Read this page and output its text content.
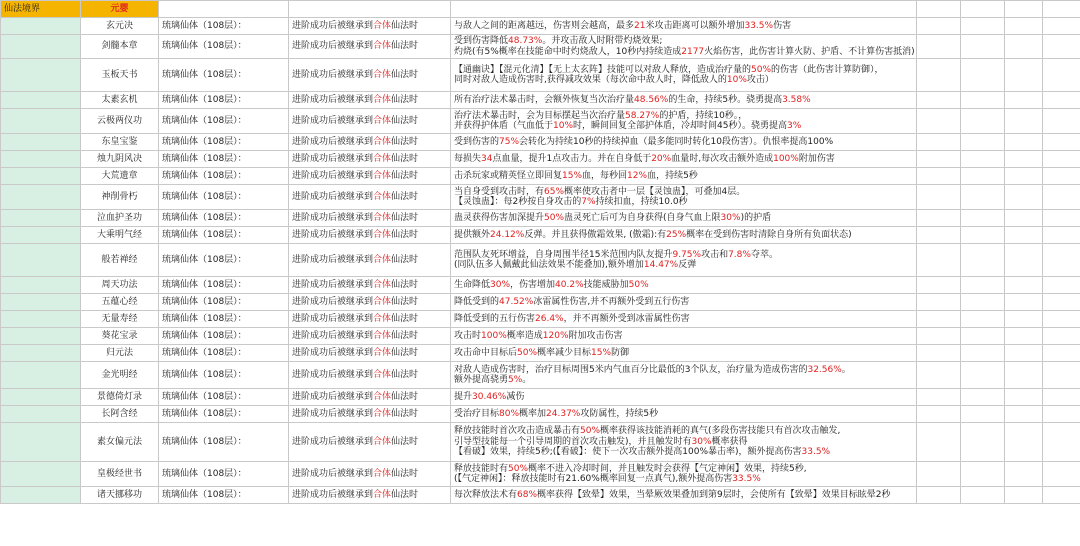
仙法境界	元婴							
	玄元决	琉璃仙体（108层）：	进阶成功后被继承到合体仙法时	与敌人之间的距离越远，伤害则会越高，最多21米攻击距离可以额外增加33.5%伤害				

	剑髓本章	琉璃仙体（108层）：	进阶成功后被继承到合体仙法时	受到伤害降低48.73%。并攻击敌人时附带灼烧效果;
灼烧(有5%概率在技能命中时灼烧敌人，10秒内持续造成2177火焰伤害，此伤害计算火防、护盾、不计算伤害抵消)				

	玉板天书	琉璃仙体（108层）：	进阶成功后被继承到合体仙法时	【通幽诀】【混元化清】【无上太玄阵】技能可以对敌人释放，造成治疗量的50%的伤害（此伤害计算防御），
同时对敌人造成伤害时,获得减攻效果（每次命中敌人时，降低敌人的10%攻击）				

	太素玄机	琉璃仙体（108层）：	进阶成功后被继承到合体仙法时	所有治疗法术暴击时，会额外恢复当次治疗量48.56%的生命，持续5秒。骁勇提高3.58%				

	云极两仪功	琉璃仙体（108层）：	进阶成功后被继承到合体仙法时	治疗法术暴击时，会为目标摆起当次治疗量58.27%的护盾，持续10秒。，
并获得护体盾（气血低于10%时，瞬间回复全部护体盾，冷却时间45秒）。骁勇提高3%				

	东皇宝鉴	琉璃仙体（108层）：	进阶成功后被继承到合体仙法时	受到伤害的75%会转化为持续10秒的持续掉血（最多能同时转化10段伤害）。仇恨率提高100%				

	烛九阴风决	琉璃仙体（108层）：	进阶成功后被继承到合体仙法时	每损失34点血量，提升1点攻击力。并在自身低于20%血量时,每次攻击额外造成100%附加伤害				

	大荒遗章	琉璃仙体（108层）：	进阶成功后被继承到合体仙法时	击杀玩家或精英怪立即回复15%血，每秒回12%血，持续5秒				

	神削骨朽	琉璃仙体（108层）：	进阶成功后被继承到合体仙法时	当自身受到攻击时，有65%概率使攻击者中一层【灵蚀蛊】，可叠加4层。
【灵蚀蛊】：每2秒按自身攻击的7%持续扣血，持续10.0秒				

	泣血护圣功	琉璃仙体（108层）：	进阶成功后被继承到合体仙法时	蛊灵获得伤害加深提升50%蛊灵死亡后可为自身获得(自身气血上限30%)的护盾				

	大乘明气经	琉璃仙体（108层）：	进阶成功后被继承到合体仙法时	提供额外24.12%反弹。并且获得傲霜效果, (傲霜):有25%概率在受到伤害时清除自身所有负面状态)				

	般若禅经	琉璃仙体（108层）：	进阶成功后被继承到合体仙法时	范围队友死环增益，自身周围半径15米范围内队友提升9.75%攻击和7.8%夺萃。
(同队伍多人佩戴此仙法效果不能叠加),额外增加14.47%反弹				

	周天功法	琉璃仙体（108层）：	进阶成功后被继承到合体仙法时	生命降低30%，伤害增加40.2%技能威胁加50%				

	五蕴心经	琉璃仙体（108层）：	进阶成功后被继承到合体仙法时	降低受到的47.52%冰雷属性伤害,并不再额外受到五行伤害				

	无量寿经	琉璃仙体（108层）：	进阶成功后被继承到合体仙法时	降低受到的五行伤害26.4%，并不再额外受到冰雷属性伤害				

	葵花宝录	琉璃仙体（108层）：	进阶成功后被继承到合体仙法时	攻击时100%概率造成120%附加攻击伤害				

	归元法	琉璃仙体（108层）：	进阶成功后被继承到合体仙法时	攻击命中目标后50%概率减少目标15%防御				

	金光明经	琉璃仙体（108层）：	进阶成功后被继承到合体仙法时	对敌人造成伤害时，治疗目标周围5米内气血百分比最低的3个队友，治疗量为造成伤害的32.56%。
额外提高骁勇5%。				

	景德倚灯录	琉璃仙体（108层）：	进阶成功后被继承到合体仙法时	提升30.46%减伤				

	长阿含经	琉璃仙体（108层）：	进阶成功后被继承到合体仙法时	受治疗目标80%概率加24.37%攻防属性，持续5秒				

	素女偏元法	琉璃仙体（108层）：	进阶成功后被继承到合体仙法时	释放技能时首次攻击造成暴击有50%概率获得该技能消耗的真气(多段伤害技能只有首次攻击触发,
引导型技能每一个引导周期的首次攻击触发)，并且触发时有30%概率获得
【看破】效果，持续5秒;(【看破】：使下一次攻击额外提高100%暴击率)，额外提高伤害33.5%				

	皇极经世书	琉璃仙体（108层）：	进阶成功后被继承到合体仙法时	释放技能时有50%概率不进入冷却时间，并且触发时会获得【气定神闲】效果，持续5秒,
(【气定神闲】：释放技能时有21.60%概率回复一点真气),额外提高伤害33.5%				

	诸天挪移功	琉璃仙体（108层）：	进阶成功后被继承到合体仙法时	每次释放法术有68%概率获得【致晕】效果，当晕厥效果叠加到第9层时，会使所有【致晕】效果目标眩晕2秒				
